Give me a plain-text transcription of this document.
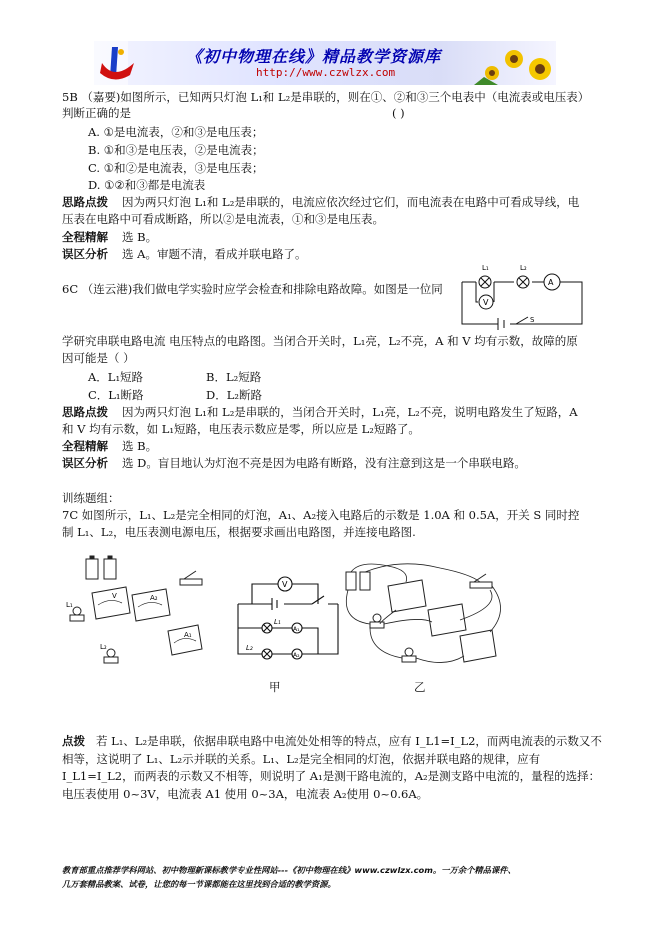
《初中物理在线》精品教学资源库
http://www.czwlzx.com
5B （嘉要)如图所示，已知两只灯泡 L₁和 L₂是串联的，则在①、②和③三个电表中（电流表或电压表）
判断正确的是	( )
A. ①是电流表，②和③是电压表；
B. ①和③是电压表，②是电流表；
C. ①和②是电流表，③是电压表；
D. ①②和③都是电流表
思路点拨 因为两只灯泡 L₁和 L₂是串联的，电流应依次经过它们，而电流表在电路中可看成导线，电
压表在电路中可看成断路，所以②是电流表，①和③是电压表。
全程精解 选 B。
误区分析 选 A。审题不清，看成并联电路了。
6C （连云港)我们做电学实验时应学会检查和排除电路故障。如图是一位同
L₁	L₂
A
V
S
学研究串联电路电流 电压特点的电路图。当闭合开关时，L₁亮，L₂不亮，A 和 V 均有示数，故障的原
因可能是（ ）
A．L₁短路	B．L₂短路
C．L₁断路	D．L₂断路
思路点拨 因为两只灯泡 L₁和 L₂是串联的，当闭合开关时，L₁亮，L₂不亮，说明电路发生了短路，A
和 V 均有示数，如 L₁短路，电压表示数应是零，所以应是 L₂短路了。
全程精解 选 B。
误区分析 选 D。盲目地认为灯泡不亮是因为电路有断路，没有注意到这是一个串联电路。
训练题组：
7C 如图所示，L₁、L₂是完全相同的灯泡，A₁、A₂接入电路后的示数是 1.0A 和 0.5A，开关 S 同时控
制 L₁、L₂，电压表测电源电压，根据要求画出电路图，并连接电路图.
V	A₂
A₁
L₁
L₂
V
A₁
A₂
L₁
L₂
甲	乙
点拨 若 L₁、L₂是串联，依据串联电路中电流处处相等的特点，应有 I_L1=I_L2，而两电流表的示数又不
相等，这说明了 L₁、L₂示并联的关系。L₁、L₂是完全相同的灯泡，依据并联电路的规律，应有
I_L1=I_L2，而两表的示数又不相等，则说明了 A₁是测干路电流的，A₂是测支路中电流的，量程的选择：
电压表使用 0~3V，电流表 A1 使用 0~3A，电流表 A₂使用 0~0.6A。
教育部重点推荐学科网站、初中物理新课标教学专业性网站---《初中物理在线》www.czwlzx.com。一万余个精品课件、
几万套精品教案、试卷，让您的每一节课都能在这里找到合适的教学资源。
